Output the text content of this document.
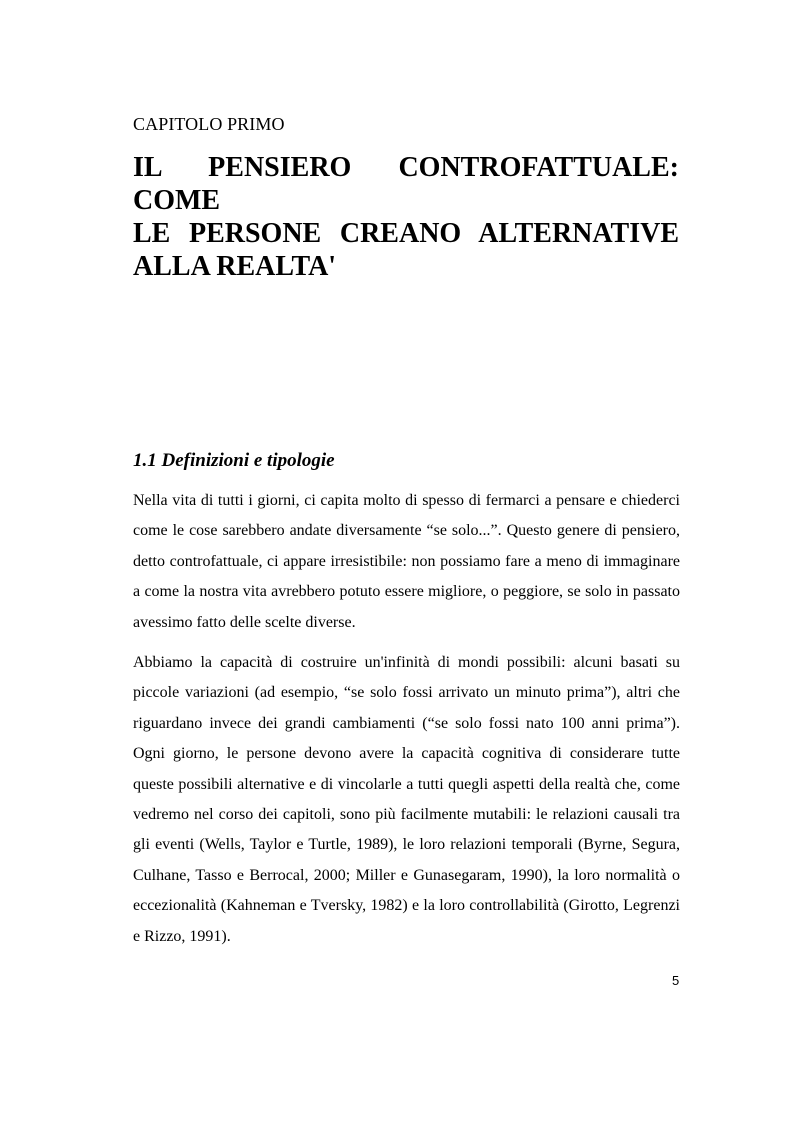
CAPITOLO PRIMO
IL PENSIERO CONTROFATTUALE: COME
LE PERSONE CREANO ALTERNATIVE
ALLA REALTA'
1.1 Definizioni e tipologie

Nella vita di tutti i giorni, ci capita molto di spesso di fermarci a pensare e chiederci come le cose sarebbero andate diversamente “se solo...”. Questo genere di pensiero, detto controfattuale, ci appare irresistibile: non possiamo fare a meno di immaginare a come la nostra vita avrebbero potuto essere migliore, o peggiore, se solo in passato avessimo fatto delle scelte diverse.

Abbiamo la capacità di costruire un'infinità di mondi possibili: alcuni basati su piccole variazioni (ad esempio, “se solo fossi arrivato un minuto prima”), altri che riguardano invece dei grandi cambiamenti (“se solo fossi nato 100 anni prima”). Ogni giorno, le persone devono avere la capacità cognitiva di considerare tutte queste possibili alternative e di vincolarle a tutti quegli aspetti della realtà che, come vedremo nel corso dei capitoli, sono più facilmente mutabili: le relazioni causali tra gli eventi (Wells, Taylor e Turtle, 1989), le loro relazioni temporali (Byrne, Segura, Culhane, Tasso e Berrocal, 2000; Miller e Gunasegaram, 1990), la loro normalità o eccezionalità (Kahneman e Tversky, 1982) e la loro controllabilità (Girotto, Legrenzi e Rizzo, 1991).

5
